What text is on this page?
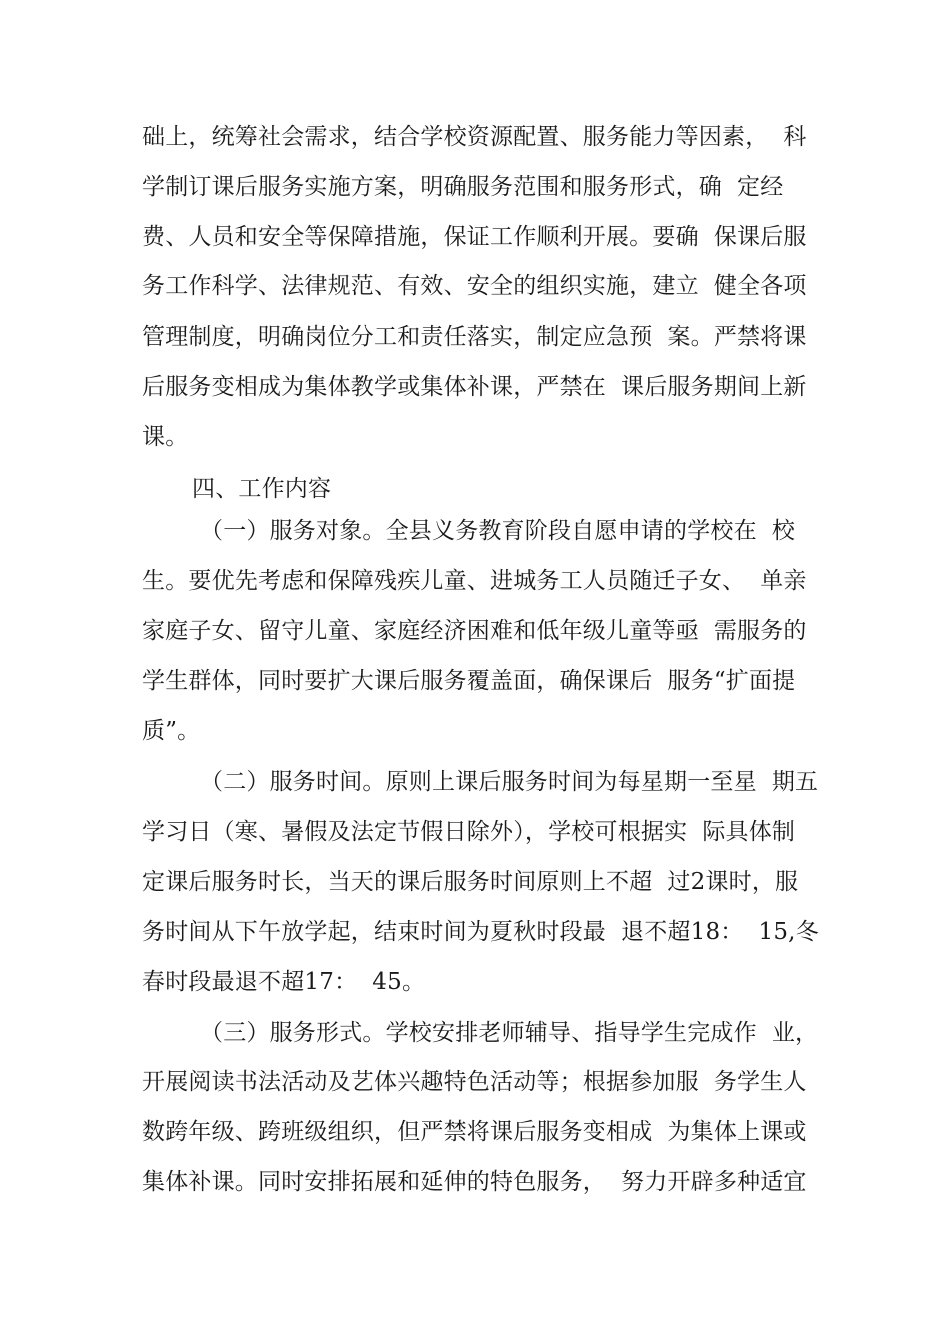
础上，统筹社会需求，结合学校资源配置、服务能力等因素，  科
学制订课后服务实施方案，明确服务范围和服务形式，确  定经
费、人员和安全等保障措施，保证工作顺利开展。要确  保课后服
务工作科学、法律规范、有效、安全的组织实施，建立  健全各项
管理制度，明确岗位分工和责任落实，制定应急预  案。严禁将课
后服务变相成为集体教学或集体补课，严禁在  课后服务期间上新
课。
四、工作内容
（一）服务对象。全县义务教育阶段自愿申请的学校在  校
生。要优先考虑和保障残疾儿童、进城务工人员随迁子女、  单亲
家庭子女、留守儿童、家庭经济困难和低年级儿童等亟  需服务的
学生群体，同时要扩大课后服务覆盖面，确保课后  服务“扩面提
质”。
（二）服务时间。原则上课后服务时间为每星期一至星  期五
学习日（寒、暑假及法定节假日除外），学校可根据实  际具体制
定课后服务时长，当天的课后服务时间原则上不超  过2课时，服
务时间从下午放学起，结束时间为夏秋时段最  退不超18：  15,冬
春时段最退不超17：  45。
（三）服务形式。学校安排老师辅导、指导学生完成作  业，
开展阅读书法活动及艺体兴趣特色活动等；根据参加服  务学生人
数跨年级、跨班级组织，但严禁将课后服务变相成  为集体上课或
集体补课。同时安排拓展和延伸的特色服务，  努力开辟多种适宜
